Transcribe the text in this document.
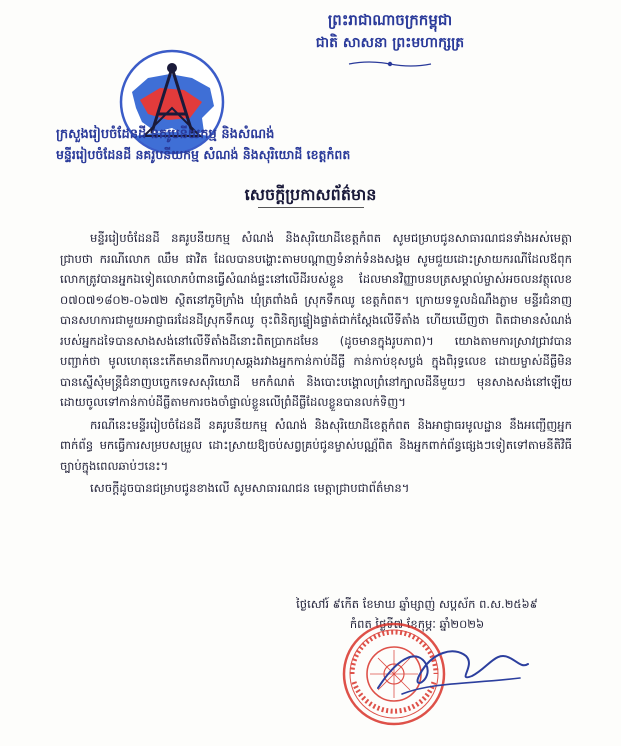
ព្រះរាជាណាចក្រកម្ពុជា
ជាតិ សាសនា ព្រះមហាក្សត្រ
ក្រសួងរៀបចំដែនដី នគរូបនីយកម្ម និងសំណង់
មន្ទីររៀបចំដែនដី នគរូបនីយកម្ម សំណង់ និងសុរិយោដី ខេត្តកំពត
សេចក្តីប្រកាសព័ត៌មាន

មន្ទីររៀបចំដែនដី នគរូបនីយកម្ម សំណង់ និងសុរិយោដីខេត្តកំពត សូមជម្រាបជូនសាធារណជនទាំងអស់មេត្តាជ្រាបថា ករណីលោក ឈឹម ផាវិត ដែលបានបង្ហោះតាមបណ្តាញទំនាក់ទំនងសង្គម សូមជួយដោះស្រាយករណីដែលឪពុកលោកត្រូវបានអ្នកឯទៀតលោភបំពានធ្វើសំណង់ផ្ទះនៅលើដីរបស់ខ្លួន ដែលមានវិញ្ញាបនបត្រសម្គាល់ម្ចាស់អចលនវត្ថុលេខ ០៧០៧១៨០២-០៦៧២ ស្ថិតនៅភូមិក្រាំង ឃុំត្រពាំងធំ ស្រុកទឹកឈូ ខេត្តកំពត។ ក្រោយទទួលដំណឹងភ្លាម មន្ទីរជំនាញបានសហការជាមួយអាជ្ញាធរដែនដីស្រុកទឹកឈូ ចុះពិនិត្យផ្ទៀងផ្ទាត់ជាក់ស្តែងលើទីតាំង ហើយឃើញថា ពិតជាមានសំណង់របស់អ្នកដទៃបានសាងសង់នៅលើទីតាំងដីនោះពិតប្រាកដមែន (ដូចមានក្នុងរូបភាព)។ យោងតាមការស្រាវជ្រាវបានបញ្ជាក់ថា មូលហេតុនេះកើតមានពីការហុសឆ្គងរវាងអ្នកកាន់កាប់ដីធ្លី កាន់កាប់ខុសប្លង់ ក្នុងពិរុទ្ធលេខ ដោយម្ចាស់ដីធ្លីមិនបានស្នើសុំមន្ត្រីជំនាញបច្ចេកទេសសុរិយោដី មកកំណត់ និងបោះបង្គោលព្រំនៅក្បាលដីនីមួយៗ មុនសាងសង់នៅឡើយ ដោយចូលទៅកាន់កាប់ដីធ្លីតាមការចងចាំផ្ទាល់ខ្លួនលើព្រំដីធ្លីដែលខ្លួនបានលក់ទិញ។

ករណីនេះមន្ទីររៀបចំដែនដី នគរូបនីយកម្ម សំណង់ និងសុរិយោដីខេត្តកំពត និងអាជ្ញាធរមូលដ្ឋាន នឹងអញ្ជើញអ្នកពាក់ព័ន្ធ មកធ្វើការសម្របសម្រួល ដោះស្រាយឱ្យចប់សព្វគ្រប់ជូនម្ចាស់បណ្ណ័ពិត និងអ្នកពាក់ព័ន្ធផ្សេងៗទៀតទៅតាមនីតិវិធីច្បាប់ក្នុងពេលឆាប់ៗនេះ។

សេចក្តីដូចបានជម្រាបជូនខាងលើ សូមសាធារណជន មេត្តាជ្រាបជាព័ត៌មាន។

ថ្ងៃសៅរ៍ ៩កើត ខែមាឃ ឆ្នាំម្សាញ់ សប្តស័ក ព.ស.២៥៦៩
កំពត ថ្ងៃទី៧ ខែកុម្ភៈ ឆ្នាំ២០២៦
